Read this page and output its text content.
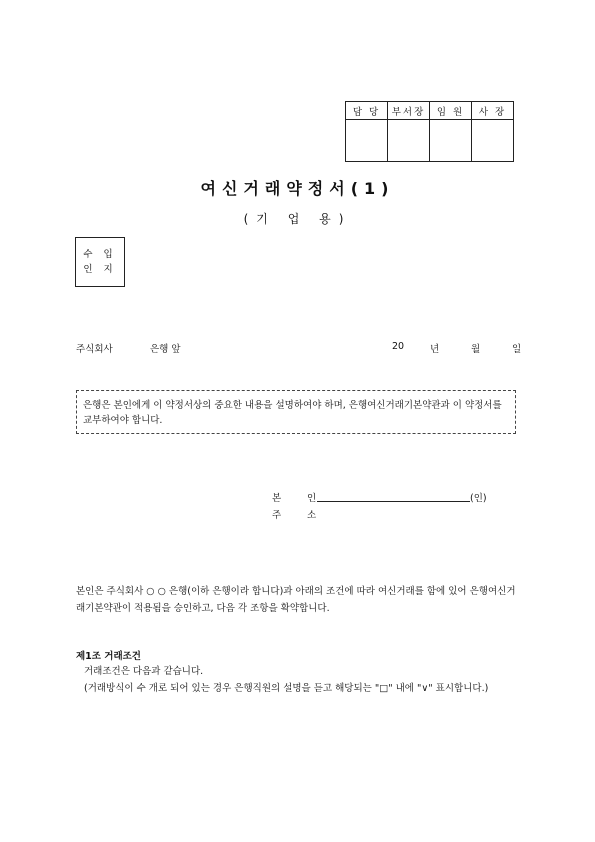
담 당	부서장	임 원	사 장

여신거래약정서(1)
(기 업 용)
수 입
인 지
주식회사	은행 앞	20	년	월	일
은행은 본인에게 이 약정서상의 중요한 내용을 설명하여야 하며, 은행여신거래기본약관과 이 약정서를 교부하여야 합니다.
본	인	(인)
주	소
본인은 주식회사 ○ ○ 은행(이하 은행이라 합니다)과 아래의 조건에 따라 여신거래를 함에 있어 은행여신거래기본약관이 적용됨을 승인하고, 다음 각 조항을 확약합니다.
제1조 거래조건
거래조건은 다음과 같습니다.
(거래방식이 수 개로 되어 있는 경우 은행직원의 설명을 듣고 해당되는 "□" 내에 "∨" 표시합니다.)
